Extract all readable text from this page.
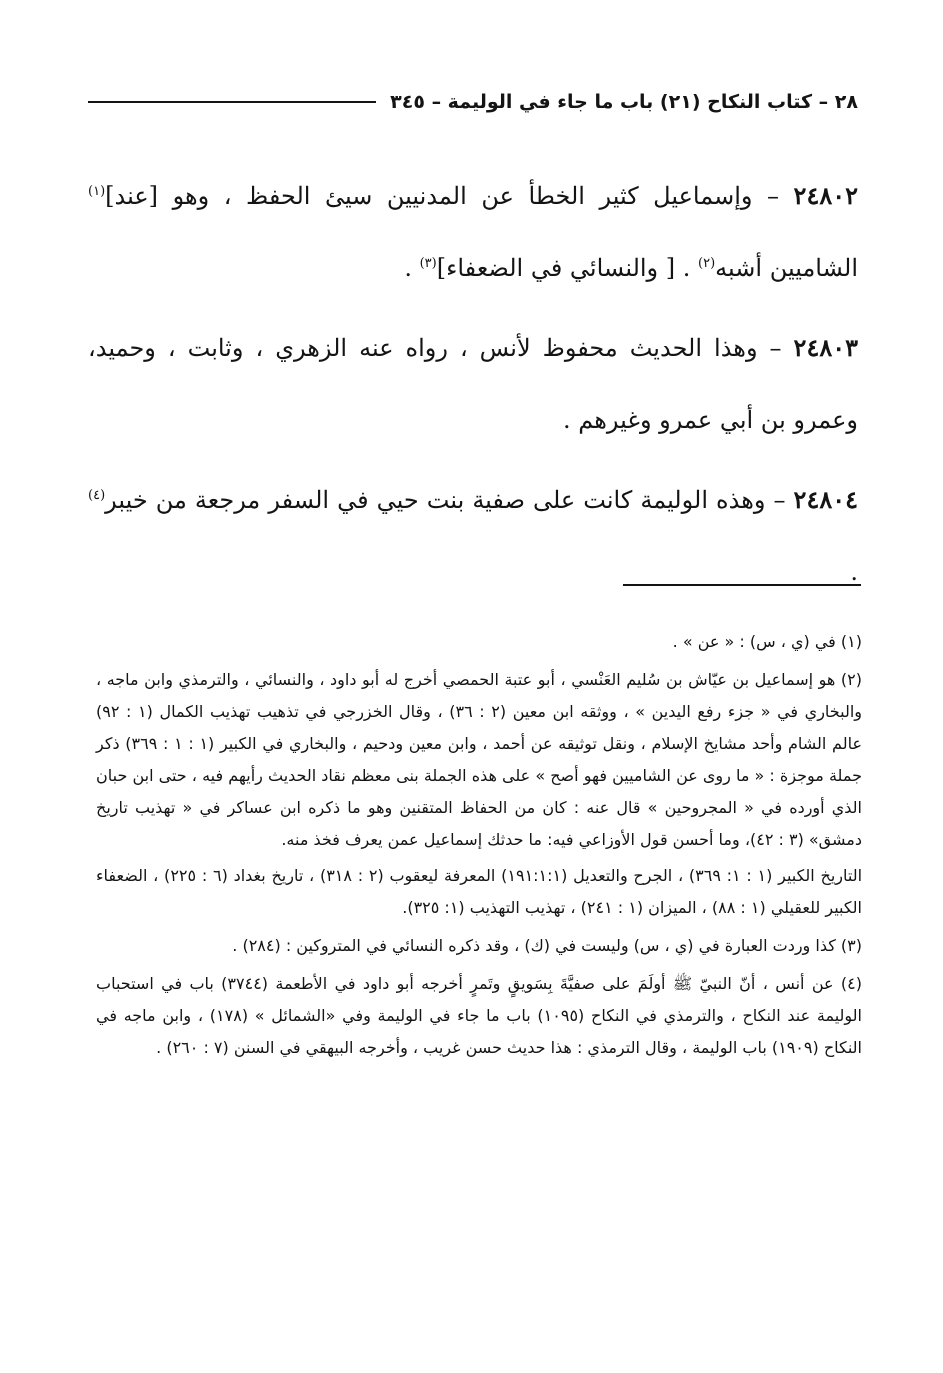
٢٨ – كتاب النكاح (٢١) باب ما جاء في الوليمة – ٣٤٥

٢٤٨٠٢ – وإسماعيل كثير الخطأ عن المدنيين سيئ الحفظ ، وهو [عند]$^{(١)}$ الشاميين أشبه$^{(٢)}$ . [ والنسائي في الضعفاء]$^{(٣)}$ .

٢٤٨٠٣ – وهذا الحديث محفوظ لأنس ، رواه عنه الزهري ، وثابت ، وحميد، وعمرو بن أبي عمرو وغيرهم .

٢٤٨٠٤ – وهذه الوليمة كانت على صفية بنت حيي في السفر مرجعة من خيبر$^{(٤)}$ .

(١) في (ي ، س) : « عن » .

(٢) هو إسماعيل بن عيّاش بن سُليم العَنْسي ، أبو عتبة الحمصي أخرج له أبو داود ، والنسائي ، والترمذي وابن ماجه ، والبخاري في « جزء رفع اليدين » ، ووثقه ابن معين (٢ : ٣٦) ، وقال الخزرجي في تذهيب تهذيب الكمال (١ : ٩٢) عالم الشام وأحد مشايخ الإسلام ، ونقل توثيقه عن أحمد ، وابن معين ودحيم ، والبخاري في الكبير (١ : ١ : ٣٦٩) ذكر جملة موجزة : « ما روى عن الشاميين فهو أصح » على هذه الجملة بنى معظم نقاد الحديث رأيهم فيه ، حتى ابن حبان الذي أورده في « المجروحين » قال عنه : كان من الحفاظ المتقنين وهو ما ذكره ابن عساكر في « تهذيب تاريخ دمشق» (٣ : ٤٢)، وما أحسن قول الأوزاعي فيه: ما حدثك إسماعيل عمن يعرف فخذ منه.

التاريخ الكبير (١ : ١: ٣٦٩) ، الجرح والتعديل (١٩١:١:١) المعرفة ليعقوب (٢ : ٣١٨) ، تاريخ بغداد (٦ : ٢٢٥) ، الضعفاء الكبير للعقيلي (١ : ٨٨) ، الميزان (١ : ٢٤١) ، تهذيب التهذيب (١: ٣٢٥).

(٣) كذا وردت العبارة في (ي ، س) وليست في (ك) ، وقد ذكره النسائي في المتروكين : (٢٨٤) .

(٤) عن أنس ، أنّ النبيّ ﷺ أولَمَ على صفيَّةَ بِسَويقٍ وتَمرٍ أخرجه أبو داود في الأطعمة (٣٧٤٤) باب في استحباب الوليمة عند النكاح ، والترمذي في النكاح (١٠٩٥) باب ما جاء في الوليمة وفي «الشمائل » (١٧٨) ، وابن ماجه في النكاح (١٩٠٩) باب الوليمة ، وقال الترمذي : هذا حديث حسن غريب ، وأخرجه البيهقي في السنن (٧ : ٢٦٠) .
